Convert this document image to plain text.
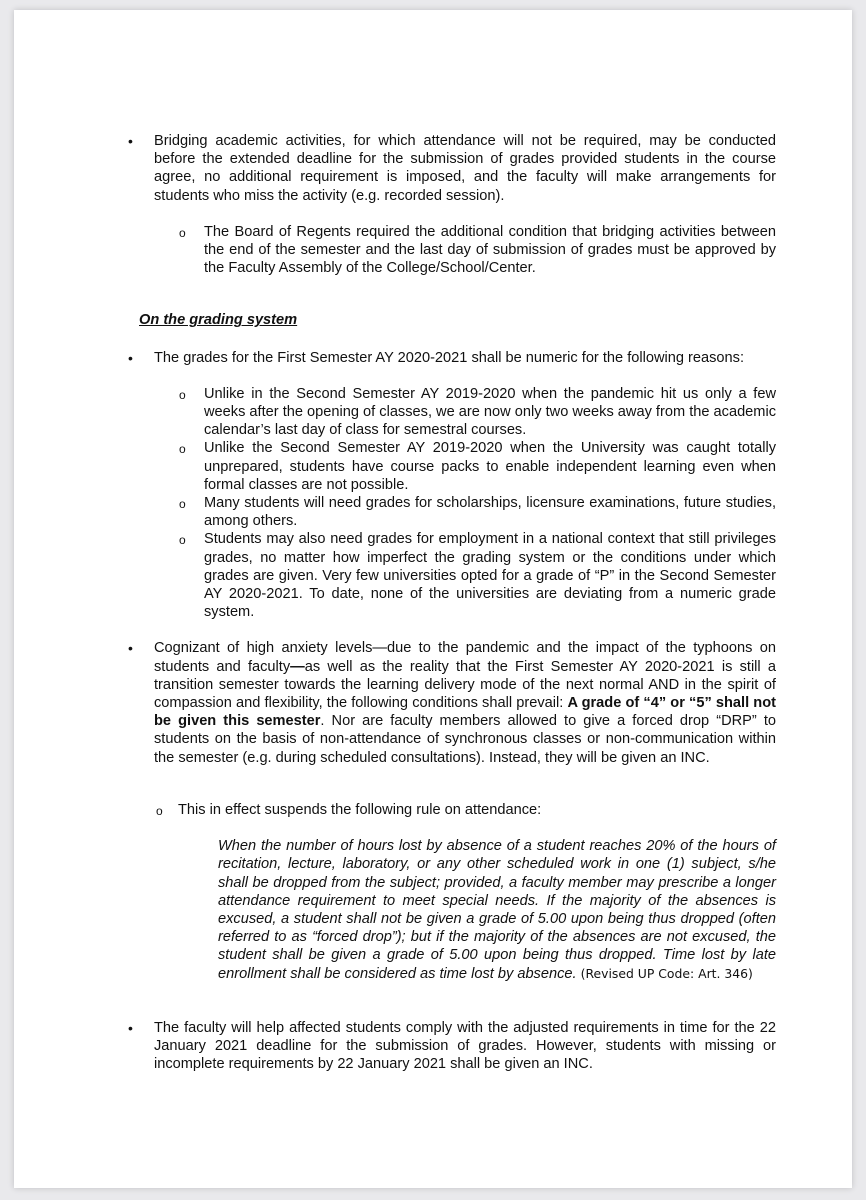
• Bridging academic activities, for which attendance will not be required, may be conducted before the extended deadline for the submission of grades provided students in the course agree, no additional requirement is imposed, and the faculty will make arrangements for students who miss the activity (e.g. recorded session).
o The Board of Regents required the additional condition that bridging activities between the end of the semester and the last day of submission of grades must be approved by the Faculty Assembly of the College/School/Center.
On the grading system
• The grades for the First Semester AY 2020-2021 shall be numeric for the following reasons:
o Unlike in the Second Semester AY 2019-2020 when the pandemic hit us only a few weeks after the opening of classes, we are now only two weeks away from the academic calendar’s last day of class for semestral courses.
o Unlike the Second Semester AY 2019-2020 when the University was caught totally unprepared, students have course packs to enable independent learning even when formal classes are not possible.
o Many students will need grades for scholarships, licensure examinations, future studies, among others.
o Students may also need grades for employment in a national context that still privileges grades, no matter how imperfect the grading system or the conditions under which grades are given. Very few universities opted for a grade of “P” in the Second Semester AY 2020-2021. To date, none of the universities are deviating from a numeric grade system.
• Cognizant of high anxiety levels—due to the pandemic and the impact of the typhoons on students and faculty—as well as the reality that the First Semester AY 2020-2021 is still a transition semester towards the learning delivery mode of the next normal AND in the spirit of compassion and flexibility, the following conditions shall prevail: A grade of “4” or “5” shall not be given this semester. Nor are faculty members allowed to give a forced drop “DRP” to students on the basis of non-attendance of synchronous classes or non-communication within the semester (e.g. during scheduled consultations). Instead, they will be given an INC.
o This in effect suspends the following rule on attendance:
When the number of hours lost by absence of a student reaches 20% of the hours of recitation, lecture, laboratory, or any other scheduled work in one (1) subject, s/he shall be dropped from the subject; provided, a faculty member may prescribe a longer attendance requirement to meet special needs. If the majority of the absences is excused, a student shall not be given a grade of 5.00 upon being thus dropped (often referred to as “forced drop”); but if the majority of the absences are not excused, the student shall be given a grade of 5.00 upon being thus dropped. Time lost by late enrollment shall be considered as time lost by absence. (Revised UP Code: Art. 346)
• The faculty will help affected students comply with the adjusted requirements in time for the 22 January 2021 deadline for the submission of grades. However, students with missing or incomplete requirements by 22 January 2021 shall be given an INC.
